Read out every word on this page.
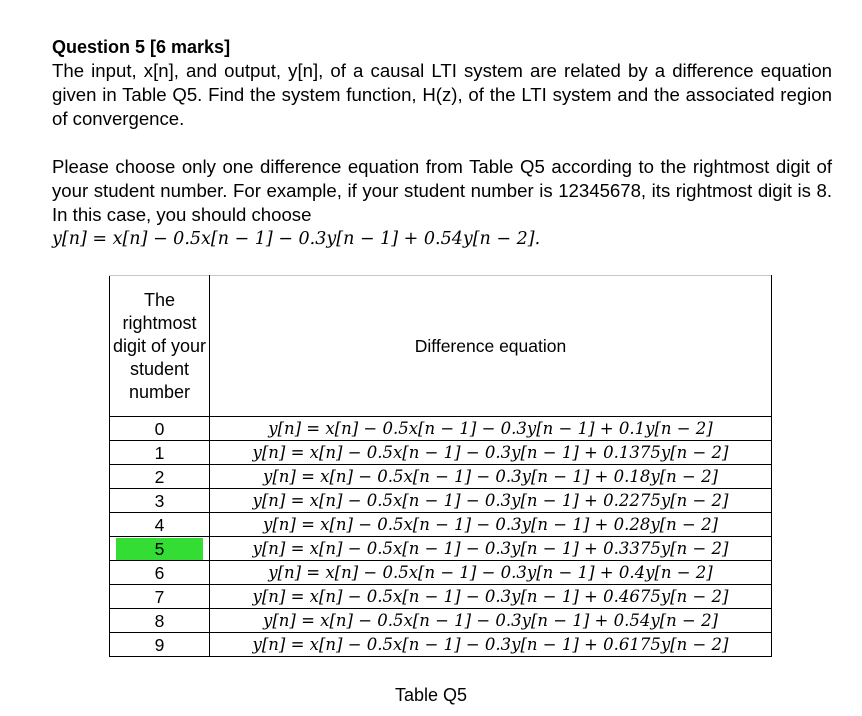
Question 5 [6 marks]

The input, x[n], and output, y[n], of a causal LTI system are related by a difference equation given in Table Q5. Find the system function, H(z), of the LTI system and the associated region of convergence.

Please choose only one difference equation from Table Q5 according to the rightmost digit of your student number. For example, if your student number is 12345678, its rightmost digit is 8. In this case, you should choose

y[n] = x[n] − 0.5x[n − 1] − 0.3y[n − 1] + 0.54y[n − 2].
The rightmost digit of your student number	Difference equation

0	y[n] = x[n] − 0.5x[n − 1] − 0.3y[n − 1] + 0.1y[n − 2]

1	y[n] = x[n] − 0.5x[n − 1] − 0.3y[n − 1] + 0.1375y[n − 2]

2	y[n] = x[n] − 0.5x[n − 1] − 0.3y[n − 1] + 0.18y[n − 2]

3	y[n] = x[n] − 0.5x[n − 1] − 0.3y[n − 1] + 0.2275y[n − 2]

4	y[n] = x[n] − 0.5x[n − 1] − 0.3y[n − 1] + 0.28y[n − 2]

5	y[n] = x[n] − 0.5x[n − 1] − 0.3y[n − 1] + 0.3375y[n − 2]

6	y[n] = x[n] − 0.5x[n − 1] − 0.3y[n − 1] + 0.4y[n − 2]

7	y[n] = x[n] − 0.5x[n − 1] − 0.3y[n − 1] + 0.4675y[n − 2]

8	y[n] = x[n] − 0.5x[n − 1] − 0.3y[n − 1] + 0.54y[n − 2]

9	y[n] = x[n] − 0.5x[n − 1] − 0.3y[n − 1] + 0.6175y[n − 2]
Table Q5
